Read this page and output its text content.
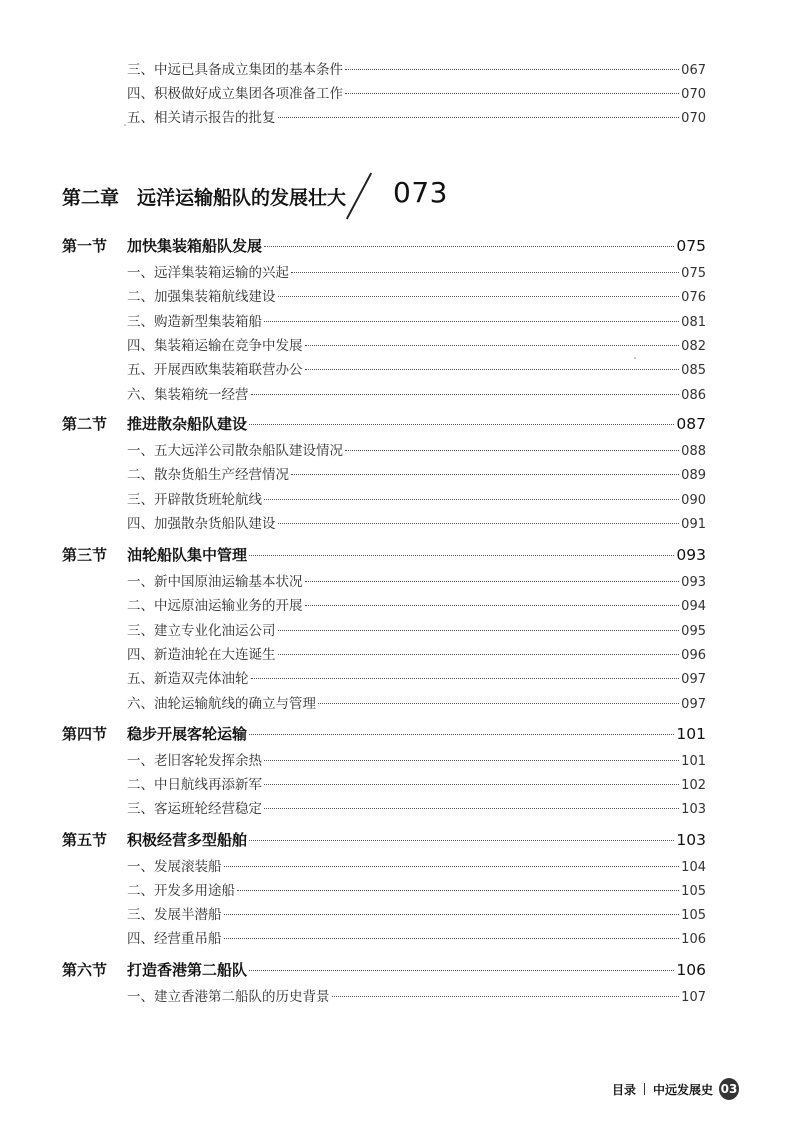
三、中远已具备成立集团的基本条件	067
四、积极做好成立集团各项准备工作	070
五、相关请示报告的批复	070
第二章 远洋运输船队的发展壮大 073
第一节	加快集装箱船队发展	075
一、远洋集装箱运输的兴起	075
二、加强集装箱航线建设	076
三、购造新型集装箱船	081
四、集装箱运输在竞争中发展	082
五、开展西欧集装箱联营办公	085
六、集装箱统一经营	086
第二节	推进散杂船队建设	087
一、五大远洋公司散杂船队建设情况	088
二、散杂货船生产经营情况	089
三、开辟散货班轮航线	090
四、加强散杂货船队建设	091
第三节	油轮船队集中管理	093
一、新中国原油运输基本状况	093
二、中远原油运输业务的开展	094
三、建立专业化油运公司	095
四、新造油轮在大连诞生	096
五、新造双壳体油轮	097
六、油轮运输航线的确立与管理	097
第四节	稳步开展客轮运输	101
一、老旧客轮发挥余热	101
二、中日航线再添新军	102
三、客运班轮经营稳定	103
第五节	积极经营多型船舶	103
一、发展滚装船	104
二、开发多用途船	105
三、发展半潜船	105
四、经营重吊船	106
第六节	打造香港第二船队	106
一、建立香港第二船队的历史背景	107
目录 中远发展史 03
